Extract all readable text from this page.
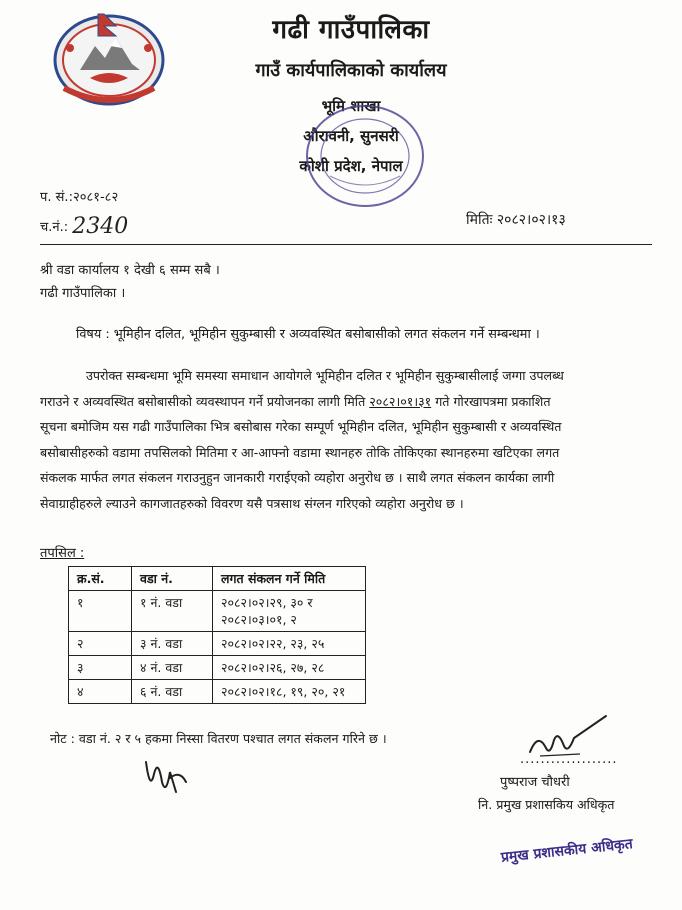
गढी गाउँपालिका
गाउँ कार्यपालिकाको कार्यालय
भूमि शाखा
औरावनी, सुनसरी
कोशी प्रदेश, नेपाल
प. सं.:२०८१-८२
च.नं.: 2340	मितिः २०८२।०२।१३
श्री वडा कार्यालय १ देखी ६ सम्म सबै ।
गढी गाउँपालिका ।
विषय : भूमिहीन दलित, भूमिहीन सुकुम्बासी र अव्यवस्थित बसोबासीको लगत संकलन गर्ने सम्बन्धमा ।
उपरोक्त सम्बन्धमा भूमि समस्या समाधान आयोगले भूमिहीन दलित र भूमिहीन सुकुम्बासीलाई जग्गा उपलब्ध
गराउने र अव्यवस्थित बसोबासीको व्यवस्थापन गर्ने प्रयोजनका लागी मिति २०८२।०१।३१ गते गोरखापत्रमा प्रकाशित
सूचना बमोजिम यस गढी गाउँपालिका भित्र बसोबास गरेका सम्पूर्ण भूमिहीन दलित, भूमिहीन सुकुम्बासी र अव्यवस्थित
बसोबासीहरुको वडामा तपसिलको मितिमा र आ-आफ्नो वडामा स्थानहरु तोकि तोकिएका स्थानहरुमा खटिएका लगत
संकलक मार्फत लगत संकलन गराउनुहुन जानकारी गराईएको व्यहोरा अनुरोध छ । साथै लगत संकलन कार्यका लागी
सेवाग्राहीहरुले ल्याउने कागजातहरुको विवरण यसै पत्रसाथ संग्लन गरिएको व्यहोरा अनुरोध छ ।
तपसिल :
क्र.सं.	वडा नं.	लगत संकलन गर्ने मिति
१	१ नं. वडा	२०८२।०२।२९, ३० र
२०८२।०३।०१, २

२	३ नं. वडा	२०८२।०२।२२, २३, २५
३	४ नं. वडा	२०८२।०२।२६, २७, २८
४	६ नं. वडा	२०८२।०२।१८, १९, २०, २१
नोट : वडा नं. २ र ५ हकमा निस्सा वितरण पश्चात लगत संकलन गरिने छ ।
...................
पुष्पराज चौधरी
नि. प्रमुख प्रशासकिय अधिकृत
प्रमुख प्रशासकीय अधिकृत
